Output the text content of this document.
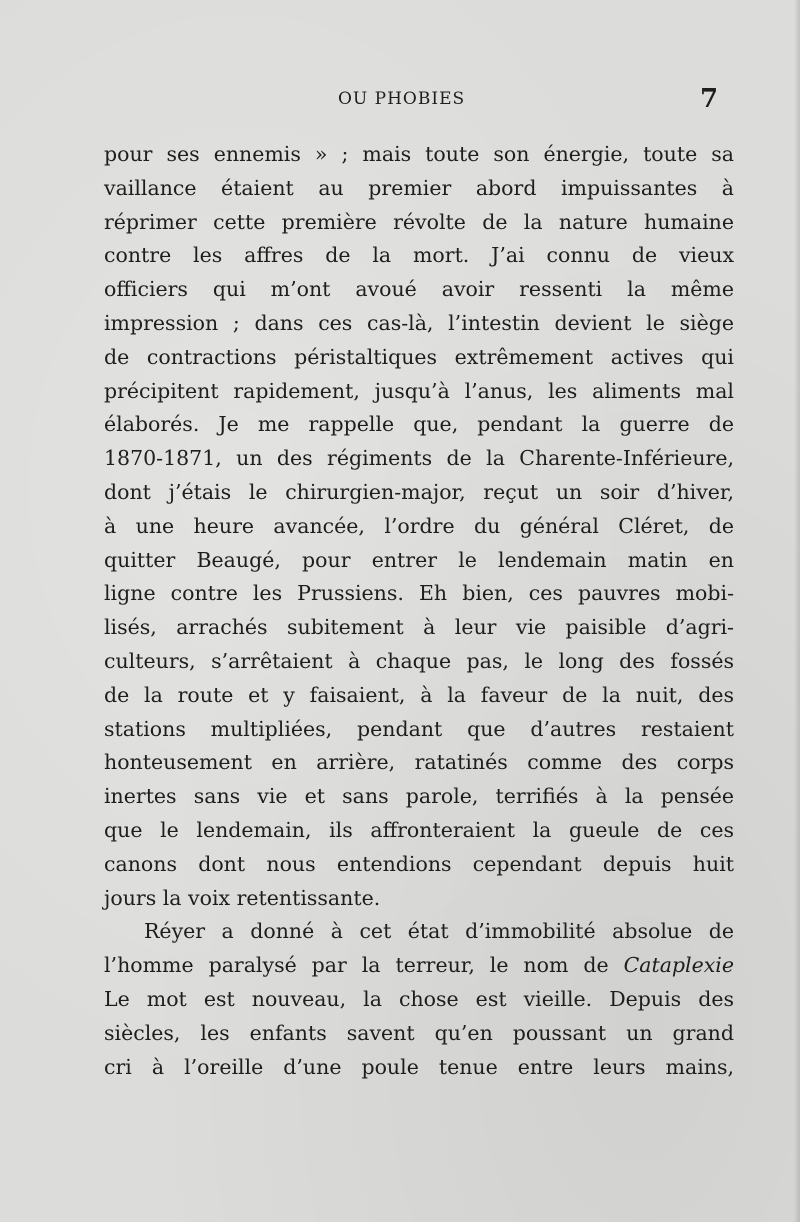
OU PHOBIES	7
pour ses ennemis » ; mais toute son énergie, toute sa
vaillance étaient au premier abord impuissantes à
réprimer cette première révolte de la nature humaine
contre les affres de la mort. J’ai connu de vieux
officiers qui m’ont avoué avoir ressenti la même
impression ; dans ces cas-là, l’intestin devient le siège
de contractions péristaltiques extrêmement actives qui
précipitent rapidement, jusqu’à l’anus, les aliments mal
élaborés. Je me rappelle que, pendant la guerre de
1870-1871, un des régiments de la Charente-Inférieure,
dont j’étais le chirurgien-major, reçut un soir d’hiver,
à une heure avancée, l’ordre du général Cléret, de
quitter Beaugé, pour entrer le lendemain matin en
ligne contre les Prussiens. Eh bien, ces pauvres mobi-
lisés, arrachés subitement à leur vie paisible d’agri-
culteurs, s’arrêtaient à chaque pas, le long des fossés
de la route et y faisaient, à la faveur de la nuit, des
stations multipliées, pendant que d’autres restaient
honteusement en arrière, ratatinés comme des corps
inertes sans vie et sans parole, terrifiés à la pensée
que le lendemain, ils affronteraient la gueule de ces
canons dont nous entendions cependant depuis huit
jours la voix retentissante.
Réyer a donné à cet état d’immobilité absolue de
l’homme paralysé par la terreur, le nom de Cataplexie
Le mot est nouveau, la chose est vieille. Depuis des
siècles, les enfants savent qu’en poussant un grand
cri à l’oreille d’une poule tenue entre leurs mains,
